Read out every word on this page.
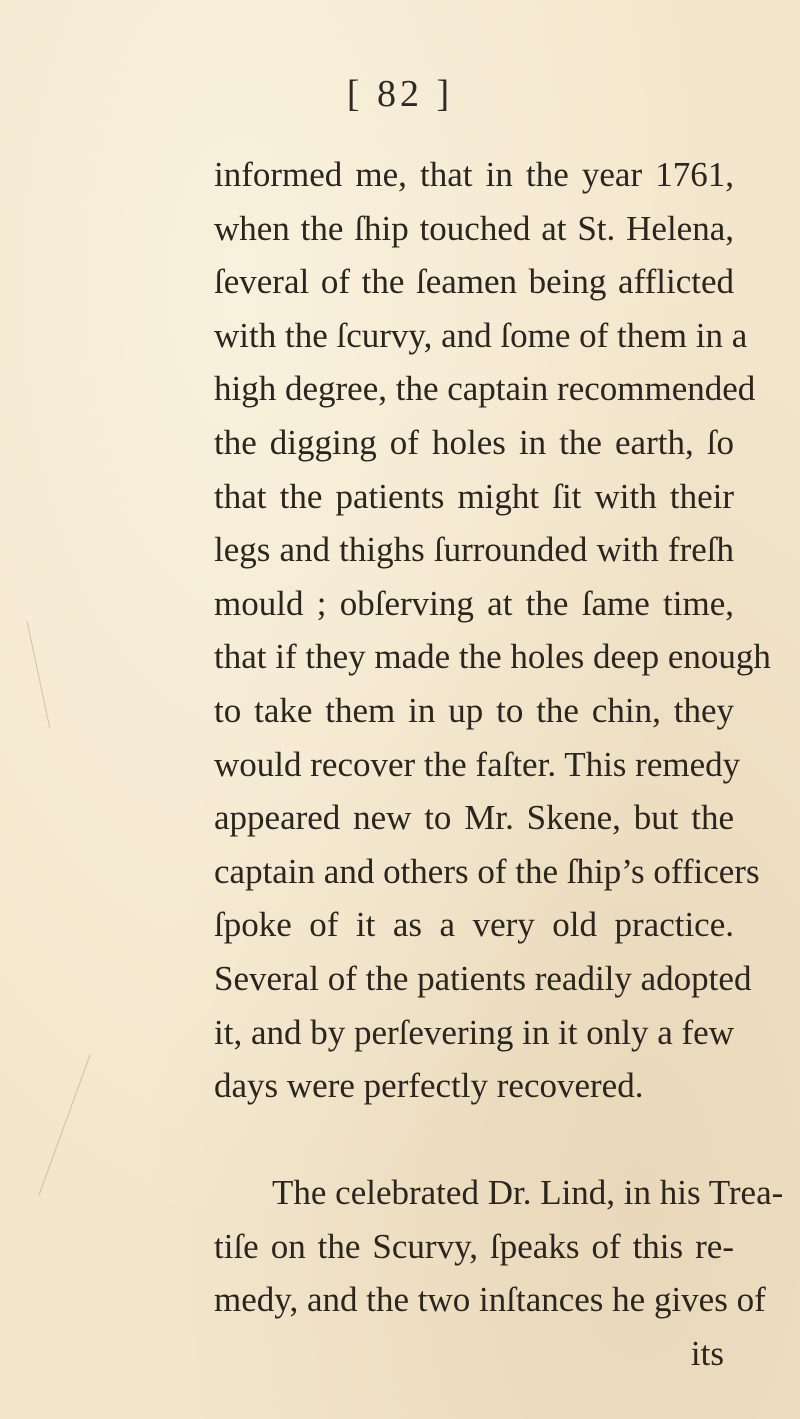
[ 82 ]
informed me, that in the year 1761,
when the ſhip touched at St. Helena,
ſeveral of the ſeamen being afflicted
with the ſcurvy, and ſome of them in a
high degree, the captain recommended
the digging of holes in the earth, ſo
that the patients might ſit with their
legs and thighs ſurrounded with freſh
mould ; obſerving at the ſame time,
that if they made the holes deep enough
to take them in up to the chin, they
would recover the faſter. This remedy
appeared new to Mr. Skene, but the
captain and others of the ſhip’s officers
ſpoke of it as a very old practice.
Several of the patients readily adopted
it, and by perſevering in it only a few
days were perfectly recovered.
The celebrated Dr. Lind, in his Trea-
tiſe on the Scurvy, ſpeaks of this re-
medy, and the two inſtances he gives of
its
